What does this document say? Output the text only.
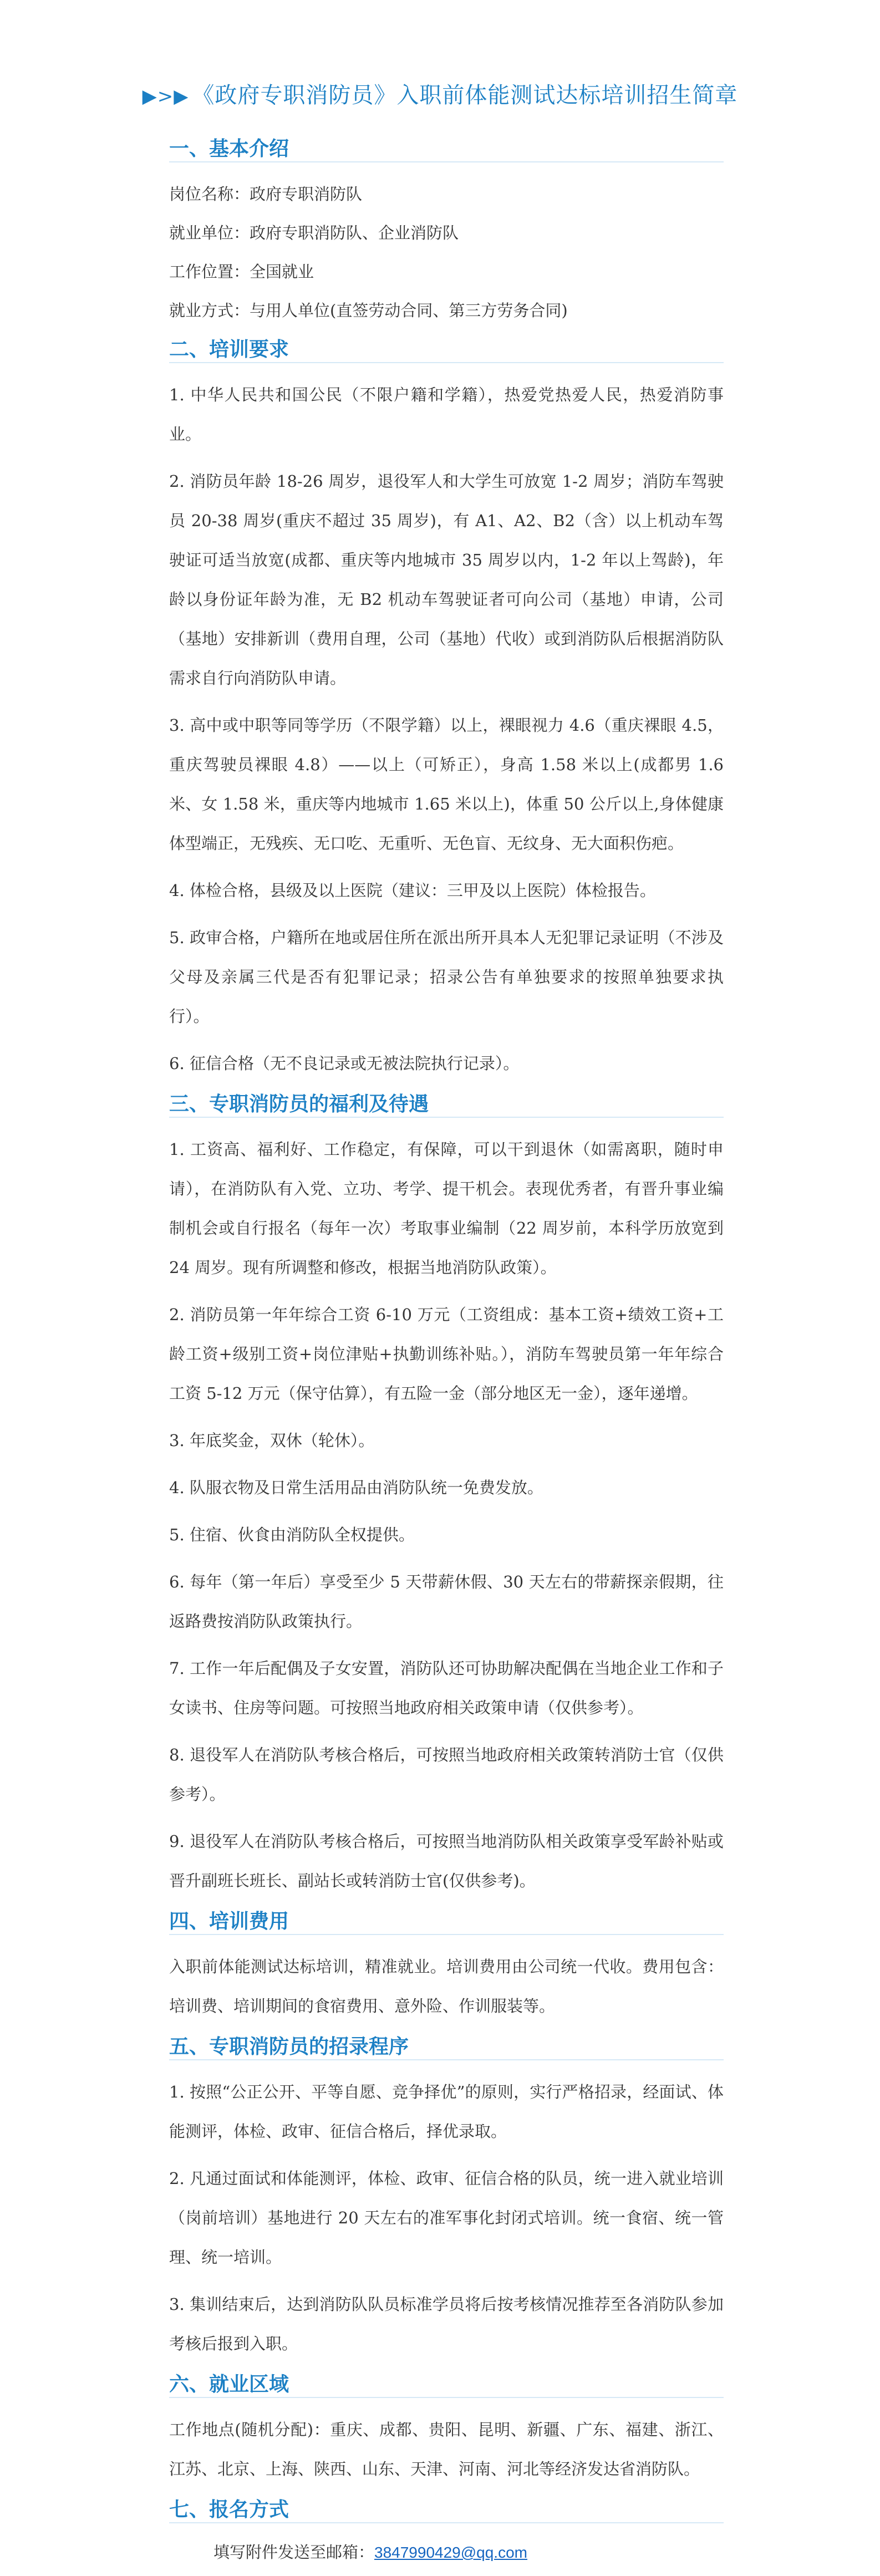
▶>▶ 《政府专职消防员》入职前体能测试达标培训招生简章
一、基本介绍
岗位名称：政府专职消防队
就业单位：政府专职消防队、企业消防队
工作位置：全国就业
就业方式：与用人单位(直签劳动合同、第三方劳务合同)
二、培训要求

1. 中华人民共和国公民（不限户籍和学籍），热爱党热爱人民，热爱消防事业。

2. 消防员年龄 18-26 周岁，退役军人和大学生可放宽 1-2 周岁；消防车驾驶员 20-38 周岁(重庆不超过 35 周岁)，有 A1、A2、B2（含）以上机动车驾驶证可适当放宽(成都、重庆等内地城市 35 周岁以内，1-2 年以上驾龄)，年龄以身份证年龄为准，无 B2 机动车驾驶证者可向公司（基地）申请，公司（基地）安排新训（费用自理，公司（基地）代收）或到消防队后根据消防队需求自行向消防队申请。

3. 高中或中职等同等学历（不限学籍）以上，裸眼视力 4.6（重庆裸眼 4.5，重庆驾驶员裸眼 4.8）——以上（可矫正），身高 1.58 米以上(成都男 1.6 米、女 1.58 米，重庆等内地城市 1.65 米以上)，体重 50 公斤以上,身体健康体型端正，无残疾、无口吃、无重听、无色盲、无纹身、无大面积伤疤。

4. 体检合格，县级及以上医院（建议：三甲及以上医院）体检报告。

5. 政审合格，户籍所在地或居住所在派出所开具本人无犯罪记录证明（不涉及父母及亲属三代是否有犯罪记录；招录公告有单独要求的按照单独要求执行）。

6. 征信合格（无不良记录或无被法院执行记录）。

三、专职消防员的福利及待遇

1. 工资高、福利好、工作稳定，有保障，可以干到退休（如需离职，随时申请），在消防队有入党、立功、考学、提干机会。表现优秀者，有晋升事业编制机会或自行报名（每年一次）考取事业编制（22 周岁前，本科学历放宽到 24 周岁。现有所调整和修改，根据当地消防队政策）。

2. 消防员第一年年综合工资 6-10 万元（工资组成：基本工资+绩效工资+工龄工资+级别工资+岗位津贴+执勤训练补贴。），消防车驾驶员第一年年综合工资 5-12 万元（保守估算），有五险一金（部分地区无一金），逐年递增。

3. 年底奖金，双休（轮休）。

4. 队服衣物及日常生活用品由消防队统一免费发放。

5. 住宿、伙食由消防队全权提供。

6. 每年（第一年后）享受至少 5 天带薪休假、30 天左右的带薪探亲假期，往返路费按消防队政策执行。

7. 工作一年后配偶及子女安置，消防队还可协助解决配偶在当地企业工作和子女读书、住房等问题。可按照当地政府相关政策申请（仅供参考）。

8. 退役军人在消防队考核合格后，可按照当地政府相关政策转消防士官（仅供参考）。

9. 退役军人在消防队考核合格后，可按照当地消防队相关政策享受军龄补贴或晋升副班长班长、副站长或转消防士官(仅供参考)。

四、培训费用

入职前体能测试达标培训，精准就业。培训费用由公司统一代收。费用包含：培训费、培训期间的食宿费用、意外险、作训服装等。

五、专职消防员的招录程序

1. 按照“公正公开、平等自愿、竞争择优”的原则，实行严格招录，经面试、体能测评，体检、政审、征信合格后，择优录取。

2. 凡通过面试和体能测评，体检、政审、征信合格的队员，统一进入就业培训（岗前培训）基地进行 20 天左右的准军事化封闭式培训。统一食宿、统一管理、统一培训。

3. 集训结束后，达到消防队队员标准学员将后按考核情况推荐至各消防队参加考核后报到入职。

六、就业区域

工作地点(随机分配)：重庆、成都、贵阳、昆明、新疆、广东、福建、浙江、江苏、北京、上海、陕西、山东、天津、河南、河北等经济发达省消防队。

七、报名方式
填写附件发送至邮箱：3847990429@qq.com
